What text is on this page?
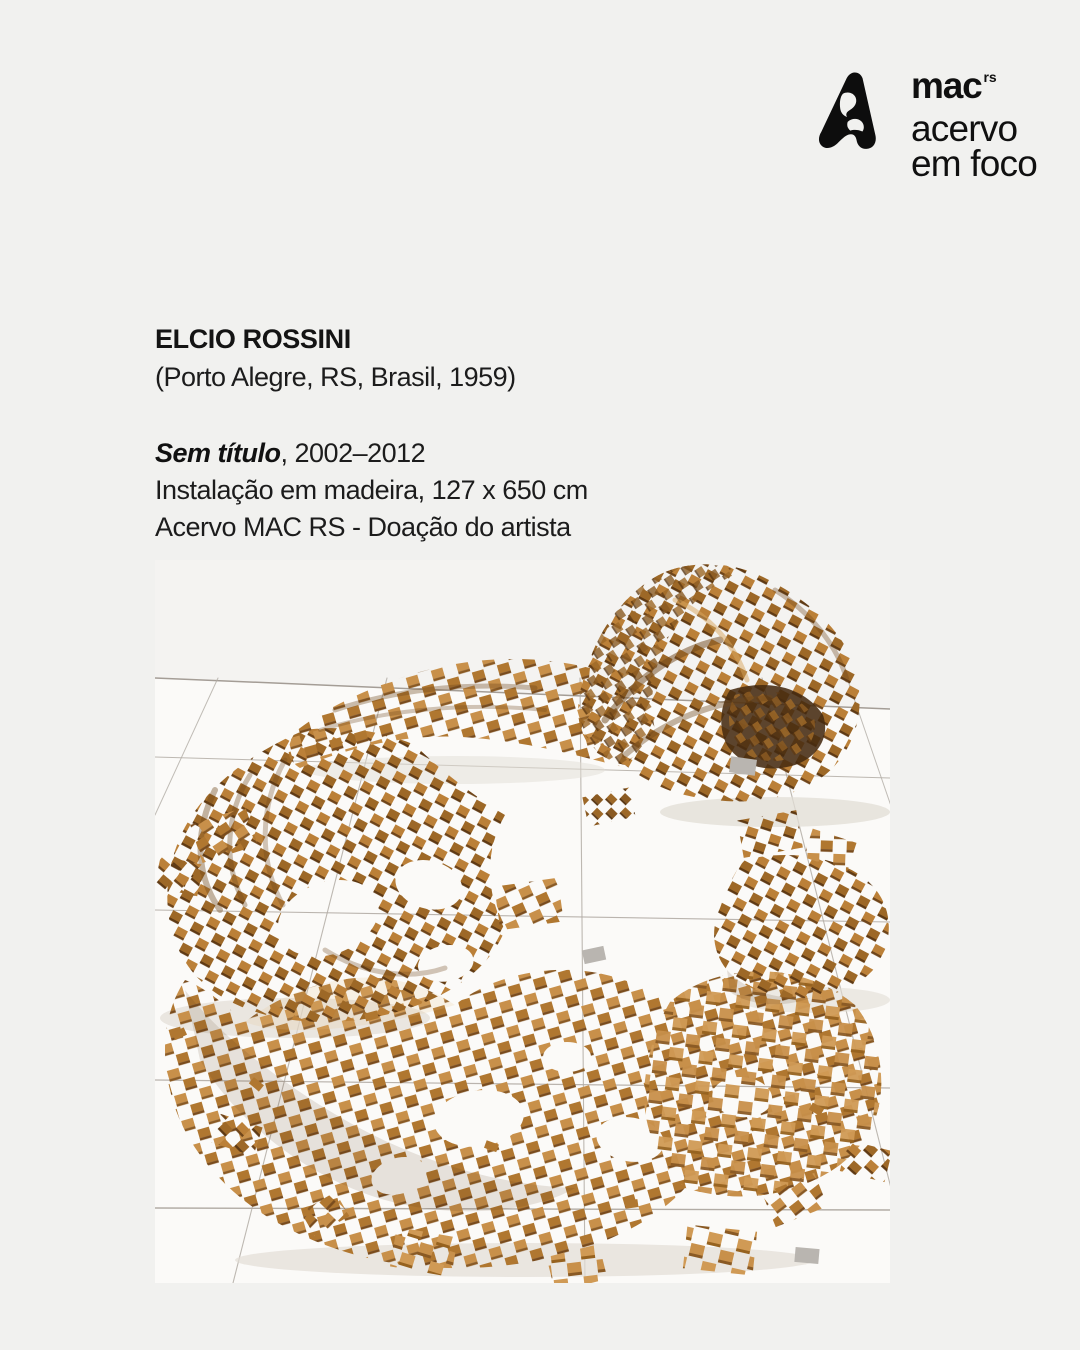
mac $^{rs}$
acervo
em foco
ELCIO ROSSINI
(Porto Alegre, RS, Brasil, 1959)
Sem título, 2002–2012
Instalação em madeira, 127 x 650 cm
Acervo MAC RS - Doação do artista
